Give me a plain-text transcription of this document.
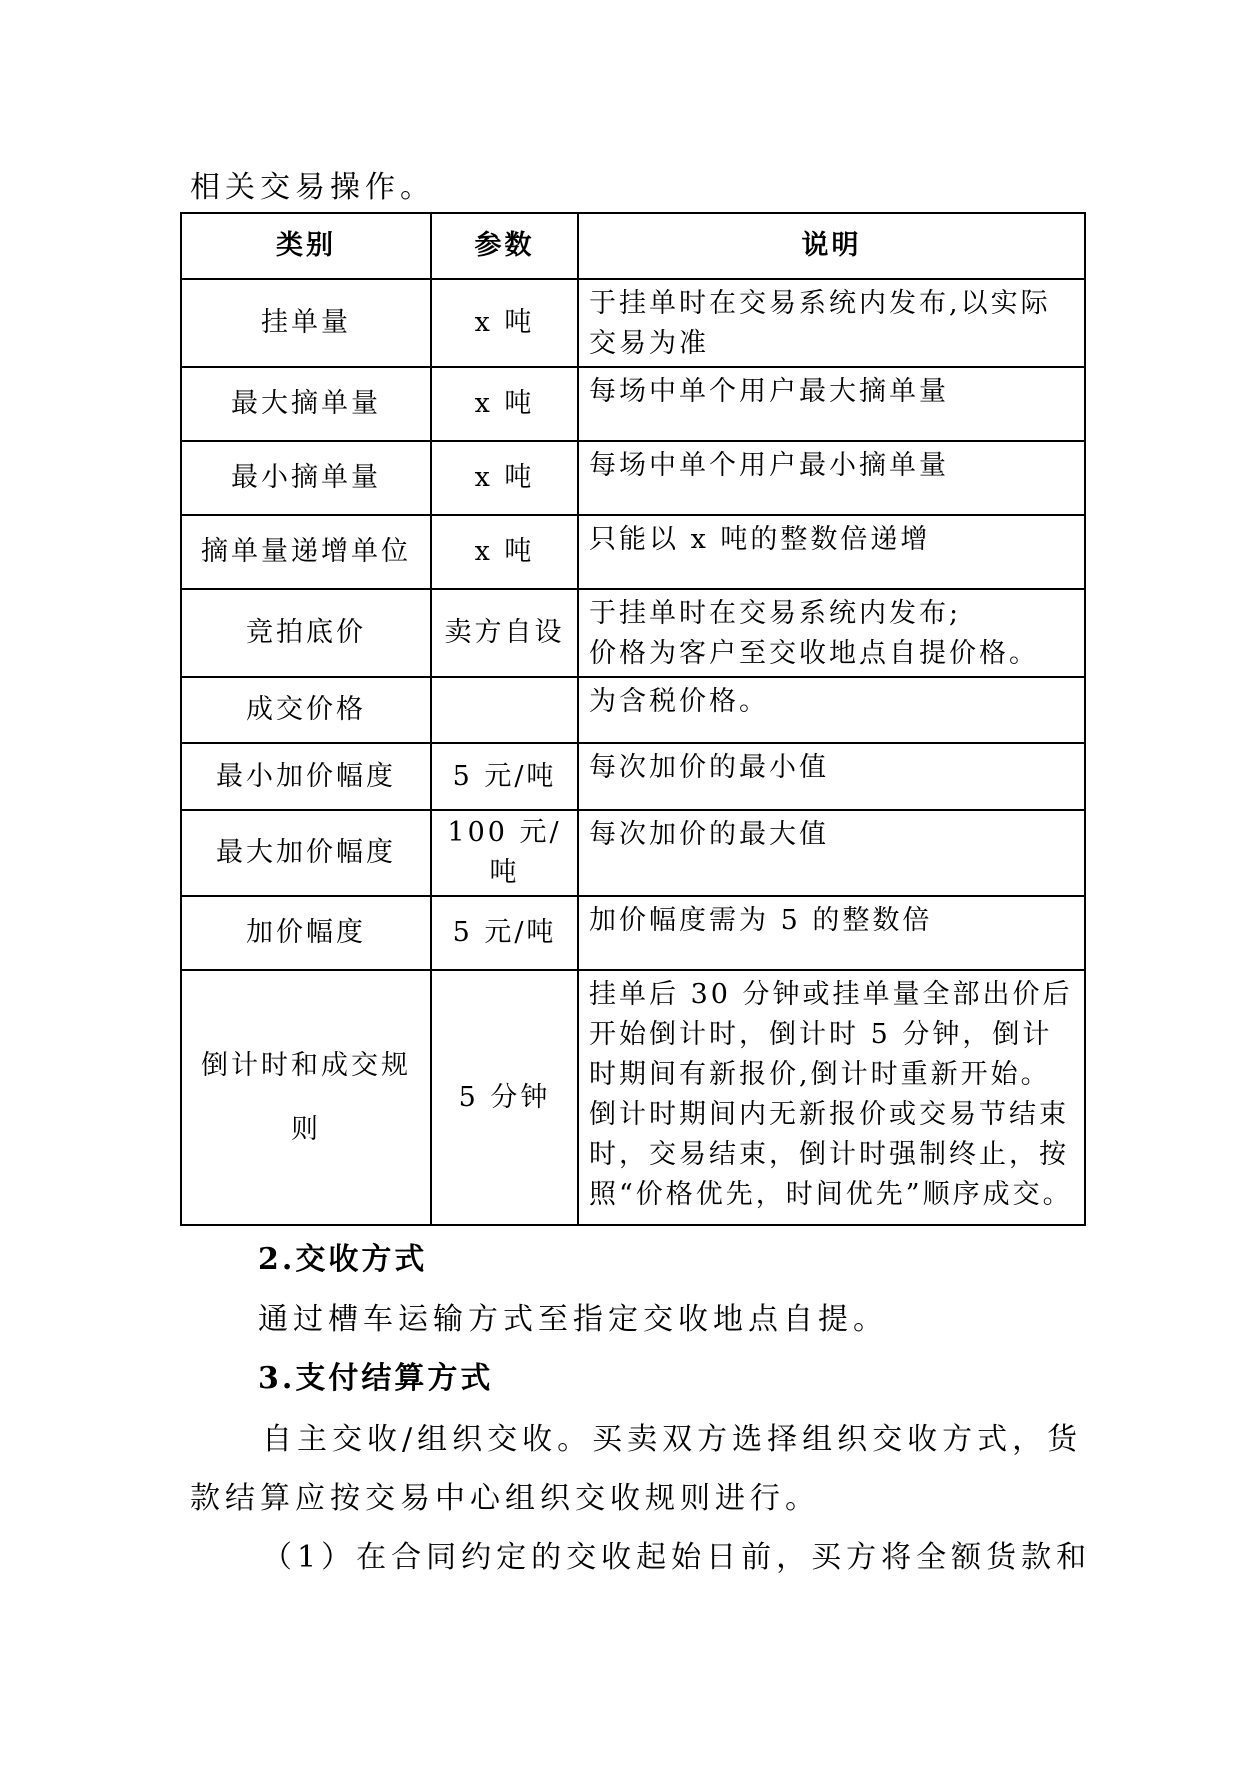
相关交易操作。

类别	参数	说明
挂单量	x 吨	于挂单时在交易系统内发布,以实际交易为准
最大摘单量	x 吨	每场中单个用户最大摘单量
最小摘单量	x 吨	每场中单个用户最小摘单量
摘单量递增单位	x 吨	只能以 x 吨的整数倍递增
竞拍底价	卖方自设	于挂单时在交易系统内发布;
价格为客户至交收地点自提价格。
成交价格		为含税价格。
最小加价幅度	5 元/吨	每次加价的最小值
最大加价幅度	100 元/吨	每次加价的最大值
加价幅度	5 元/吨	加价幅度需为 5 的整数倍
倒计时和成交规则	5 分钟	挂单后 30 分钟或挂单量全部出价后开始倒计时，倒计时 5 分钟，倒计时期间有新报价,倒计时重新开始。倒计时期间内无新报价或交易节结束时，交易结束，倒计时强制终止，按照“价格优先，时间优先”顺序成交。

2.交收方式

通过槽车运输方式至指定交收地点自提。

3.支付结算方式

自主交收/组织交收。买卖双方选择组织交收方式，货

款结算应按交易中心组织交收规则进行。

（1）在合同约定的交收起始日前，买方将全额货款和
